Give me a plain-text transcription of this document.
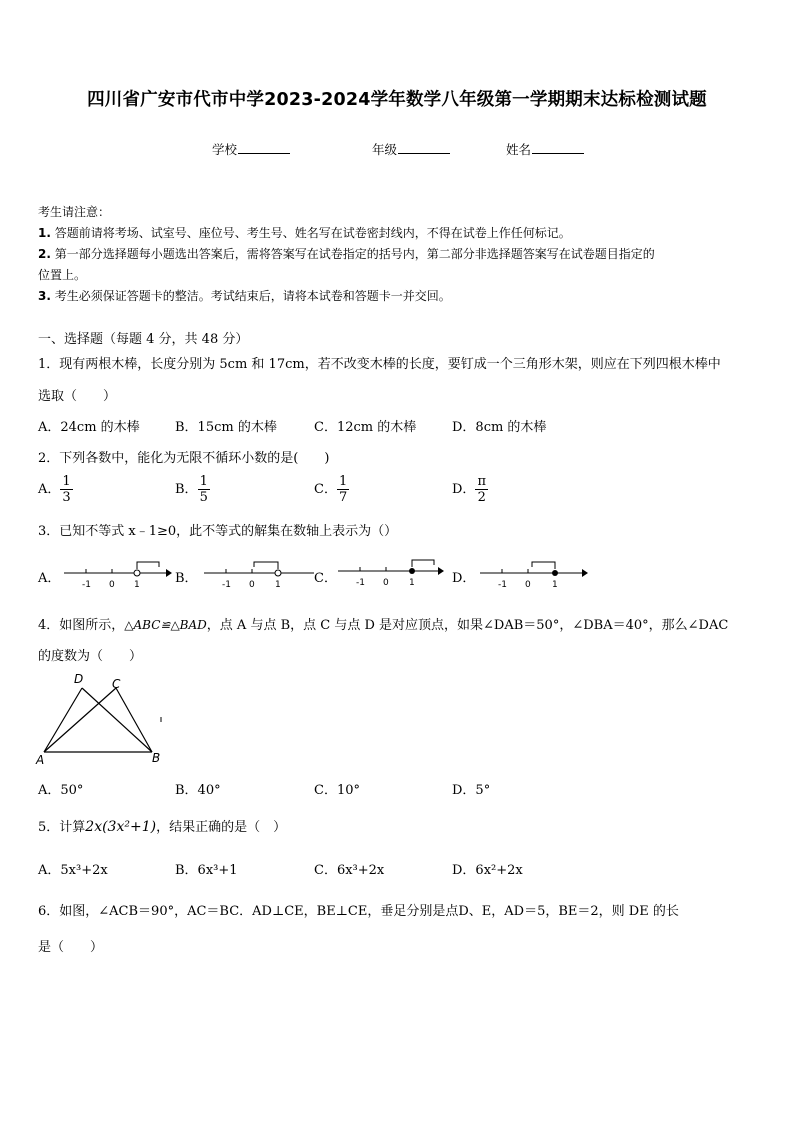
四川省广安市代市中学2023-2024学年数学八年级第一学期期末达标检测试题
学校	年级	姓名
考生请注意：
1. 答题前请将考场、试室号、座位号、考生号、姓名写在试卷密封线内，不得在试卷上作任何标记。
2. 第一部分选择题每小题选出答案后，需将答案写在试卷指定的括号内，第二部分非选择题答案写在试卷题目指定的
位置上。
3. 考生必须保证答题卡的整洁。考试结束后，请将本试卷和答题卡一并交回。
一、选择题（每题 4 分，共 48 分）
1．现有两根木棒，长度分别为 5cm 和 17cm，若不改变木棒的长度，要钉成一个三角形木架，则应在下列四根木棒中
选取（　　）
A．24cm 的木棒	B．15cm 的木棒	C．12cm 的木棒	D．8cm 的木棒
2．下列各数中，能化为无限不循环小数的是(　　)
A． $\frac{1}{3}$	B． $\frac{1}{5}$	C． $\frac{1}{7}$	D． $\frac{\pi}{2}$
3．已知不等式 x﹣1≥0，此不等式的解集在数轴上表示为（）
A． -1 0 1	B．	-1 0 1	C． -1 0 1	D．	-1 0 1
4．如图所示，△ABC≌△BAD，点 A 与点 B，点 C 与点 D 是对应顶点，如果∠DAB＝50°，∠DBA＝40°，那么∠DAC
的度数为（　　）
D C
A	B
A．50°	B．40°	C．10°	D．5°
5．计算2x(3x²+1)，结果正确的是（　）
A．5x³+2x	B．6x³+1	C．6x³+2x	D．6x²+2x
6．如图，∠ACB＝90°，AC＝BC．AD⊥CE，BE⊥CE，垂足分别是点D、E，AD＝5，BE＝2，则 DE 的长
是（　　）
